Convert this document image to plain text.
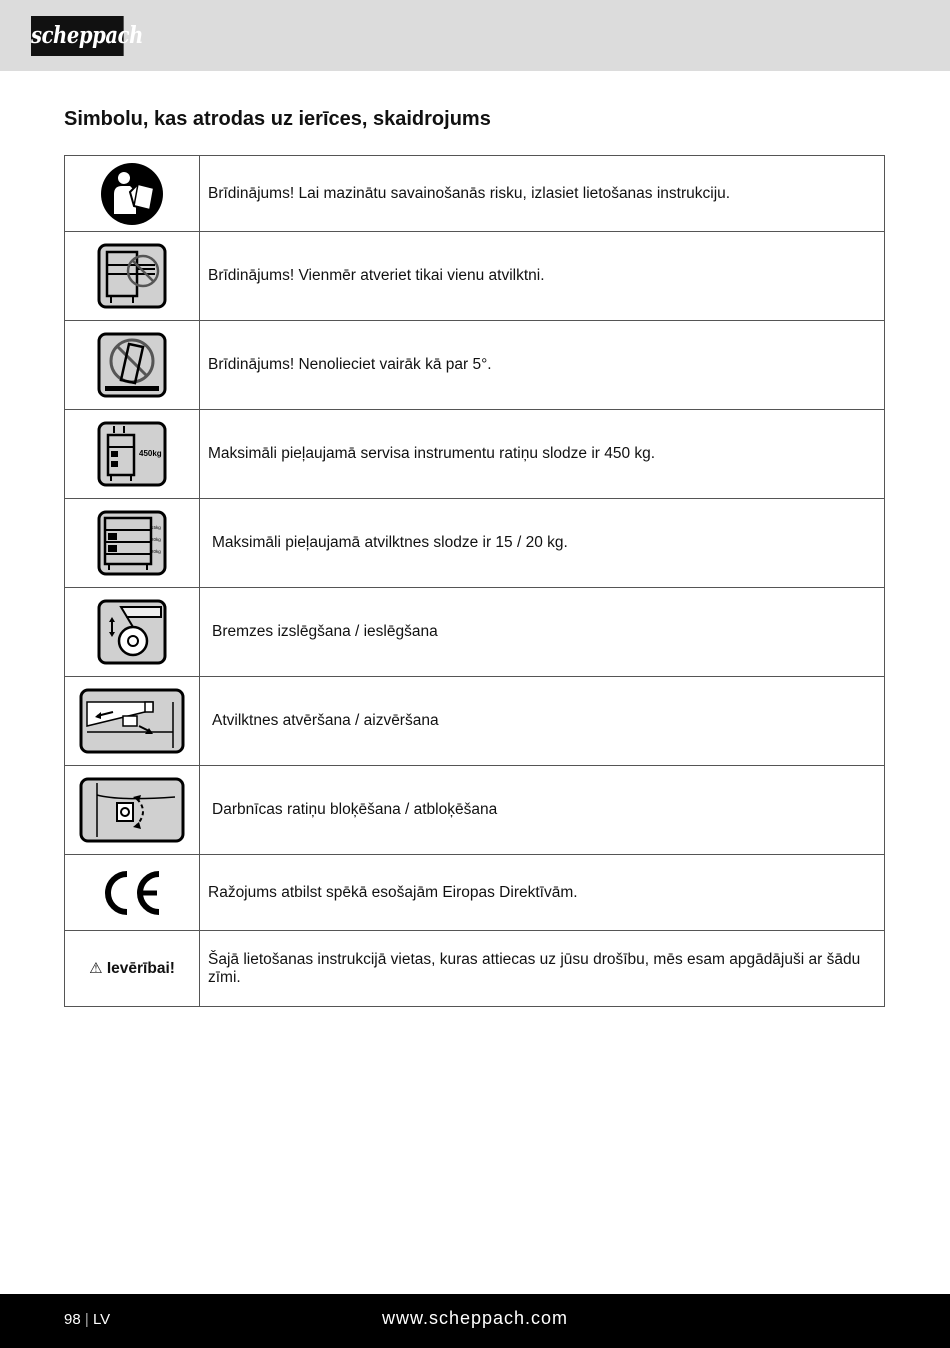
scheppach
Simbolu, kas atrodas uz ierīces, skaidrojums
	Brīdinājums! Lai mazinātu savainošanās risku, izlasiet lietošanas instrukciju.
	Brīdinājums! Vienmēr atveriet tikai vienu atvilktni.
	Brīdinājums! Nenolieciet vairāk kā par 5°.

450kg	Maksimāli pieļaujamā servisa instrumentu ratiņu slodze ir 450 kg.

15kg
20kg
20kg	Maksimāli pieļaujamā atvilktnes slodze ir 15 / 20 kg.
	Bremzes izslēgšana / ieslēgšana
	Atvilktnes atvēršana / aizvēršana
	Darbnīcas ratiņu bloķēšana / atbloķēšana
	Ražojums atbilst spēkā esošajām Eiropas Direktīvām.
⚠ Ievērībai!	Šajā lietošanas instrukcijā vietas, kuras attiecas uz jūsu drošību, mēs esam apgādājuši ar šādu zīmi.
98 | LV	www.scheppach.com
